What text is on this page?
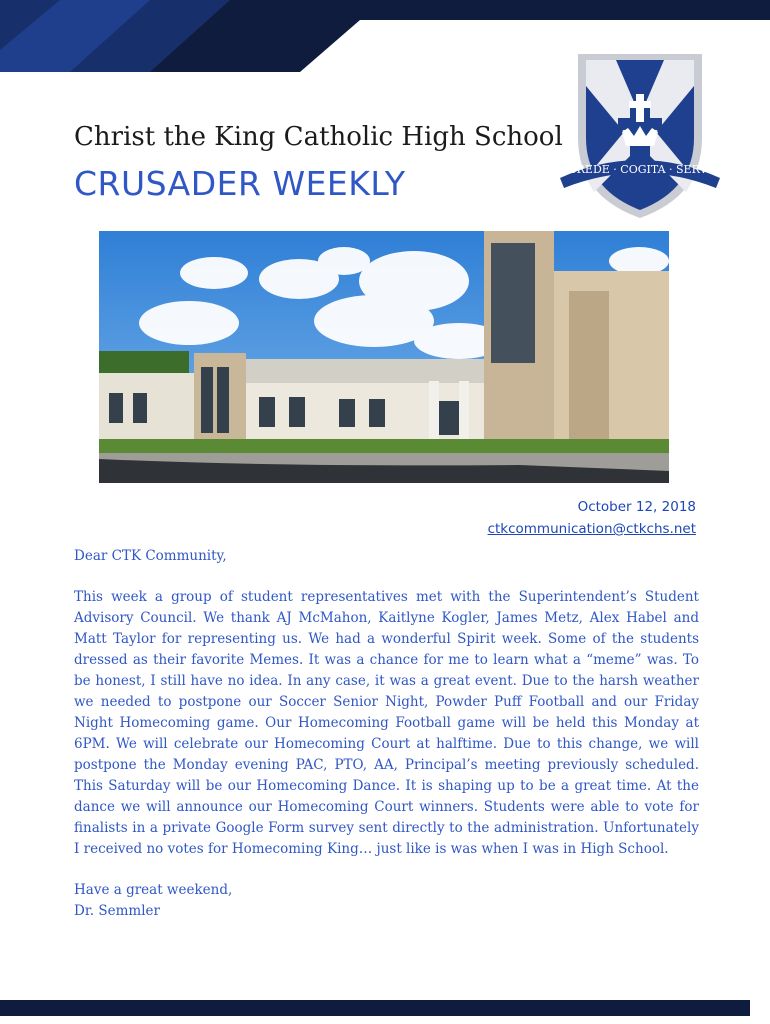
Christ the King Catholic High School
CRUSADER WEEKLY	CREDE · COGITA · SERVI
October 12, 2018
ctkcommunication@ctkchs.net

Dear CTK Community,

This week a group of student representatives met with the Superintendent’s Student Advisory Council. We thank AJ McMahon, Kaitlyne Kogler, James Metz, Alex Habel and Matt Taylor for representing us. We had a wonderful Spirit week. Some of the students dressed as their favorite Memes. It was a chance for me to learn what a “meme” was. To be honest, I still have no idea. In any case, it was a great event. Due to the harsh weather we needed to postpone our Soccer Senior Night, Powder Puff Football and our Friday Night Homecoming game. Our Homecoming Football game will be held this Monday at 6PM. We will celebrate our Homecoming Court at halftime. Due to this change, we will postpone the Monday evening PAC, PTO, AA, Principal’s meeting previously scheduled. This Saturday will be our Homecoming Dance. It is shaping up to be a great time. At the dance we will announce our Homecoming Court winners. Students were able to vote for finalists in a private Google Form survey sent directly to the administration. Unfortunately I received no votes for Homecoming King… just like is was when I was in High School.

Have a great weekend,
Dr. Semmler
